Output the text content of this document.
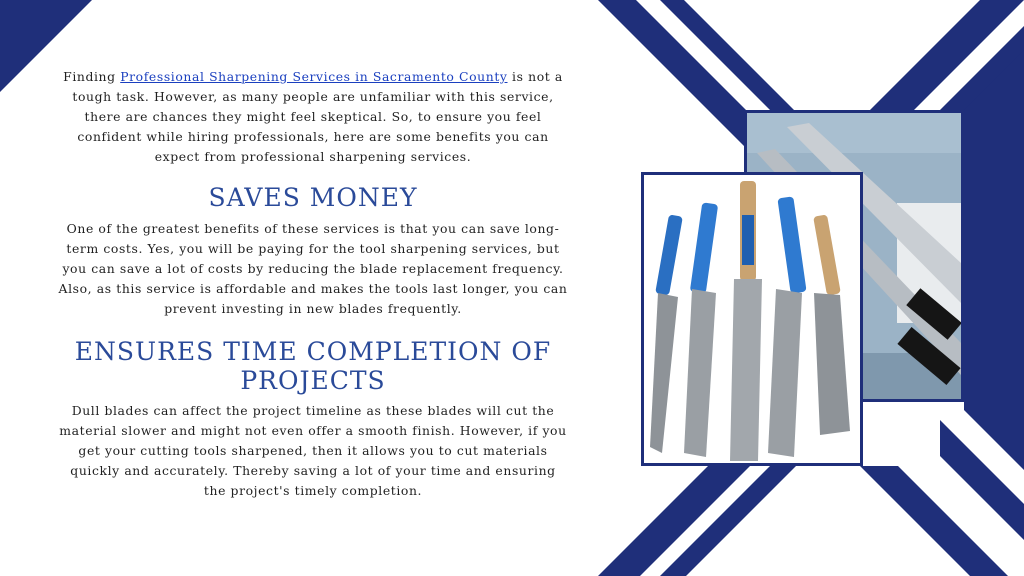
Finding Professional Sharpening Services in Sacramento County is not a tough task. However, as many people are unfamiliar with this service, there are chances they might feel skeptical. So, to ensure you feel confident while hiring professionals, here are some benefits you can expect from professional sharpening services.

SAVES MONEY

One of the greatest benefits of these services is that you can save long-term costs. Yes, you will be paying for the tool sharpening services, but you can save a lot of costs by reducing the blade replacement frequency. Also, as this service is affordable and makes the tools last longer, you can prevent investing in new blades frequently.

ENSURES TIME COMPLETION OF PROJECTS

Dull blades can affect the project timeline as these blades will cut the material slower and might not even offer a smooth finish. However, if you get your cutting tools sharpened, then it allows you to cut materials quickly and accurately. Thereby saving a lot of your time and ensuring the project's timely completion.
